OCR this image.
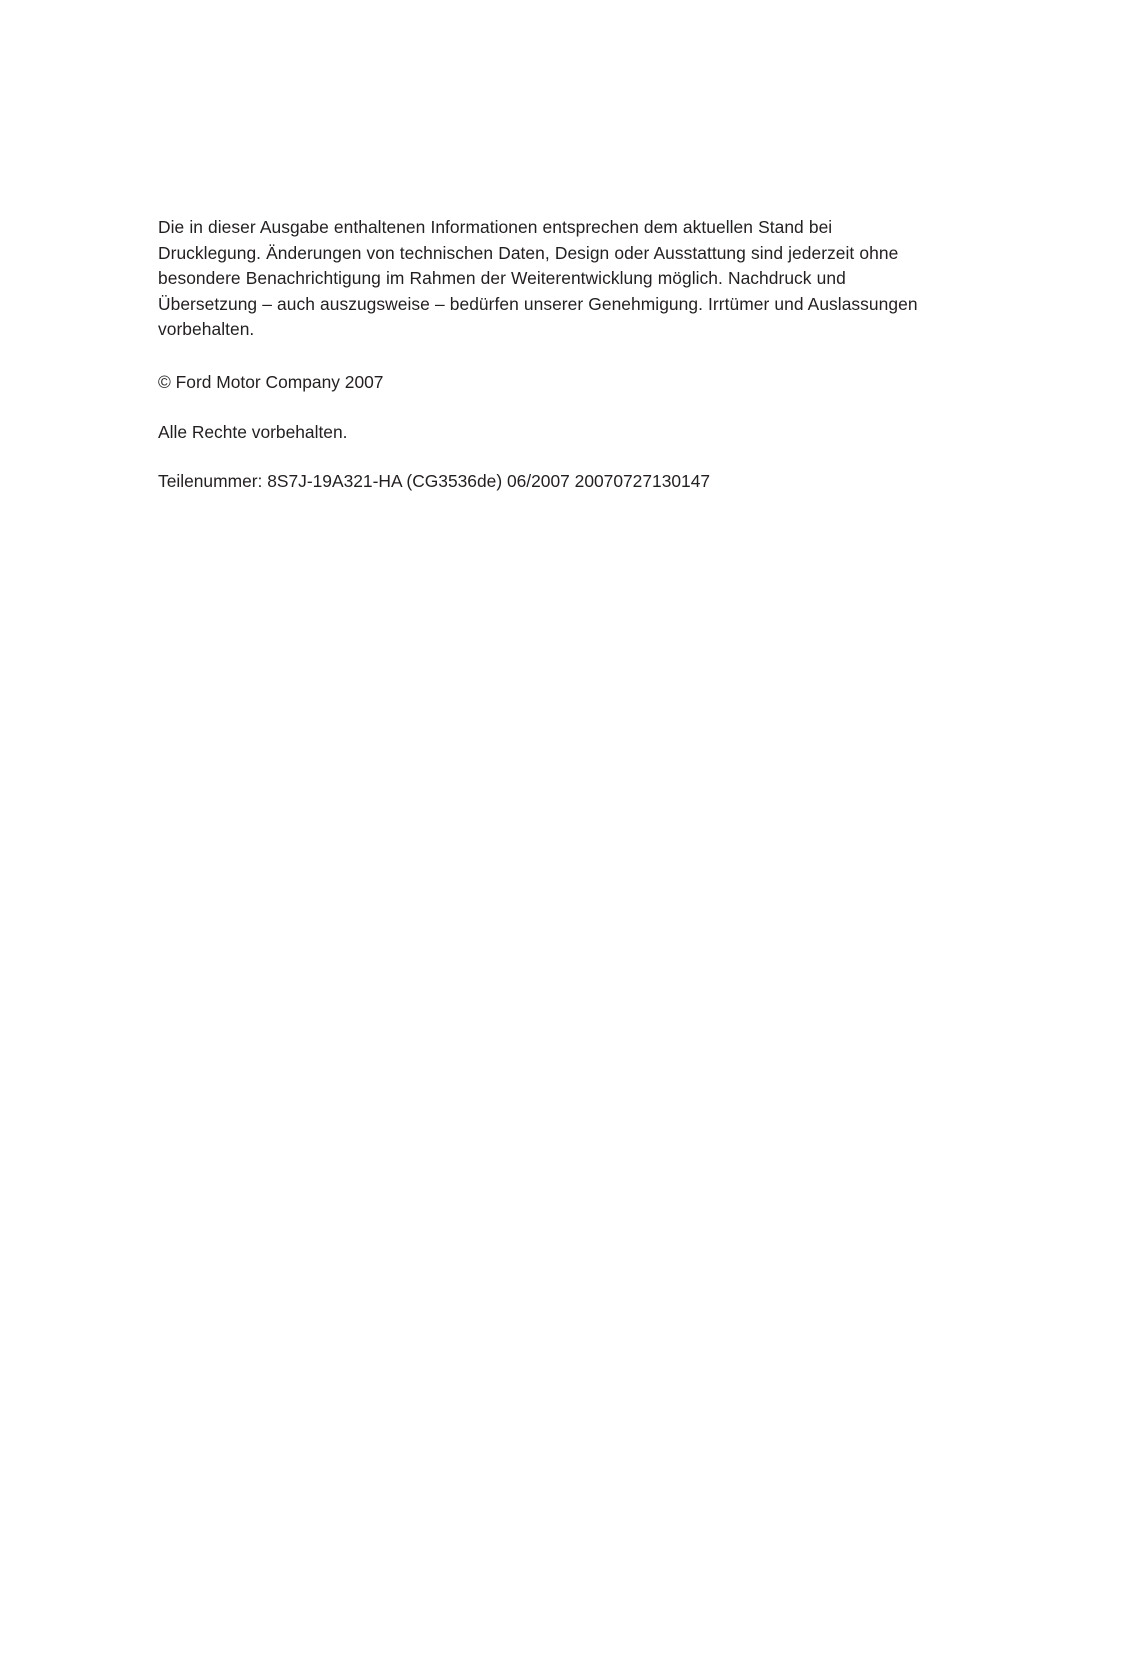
Die in dieser Ausgabe enthaltenen Informationen entsprechen dem aktuellen Stand bei Drucklegung. Änderungen von technischen Daten, Design oder Ausstattung sind jederzeit ohne besondere Benachrichtigung im Rahmen der Weiterentwicklung möglich. Nachdruck und Übersetzung – auch auszugsweise – bedürfen unserer Genehmigung. Irrtümer und Auslassungen vorbehalten.

© Ford Motor Company 2007

Alle Rechte vorbehalten.

Teilenummer: 8S7J-19A321-HA (CG3536de) 06/2007 20070727130147
